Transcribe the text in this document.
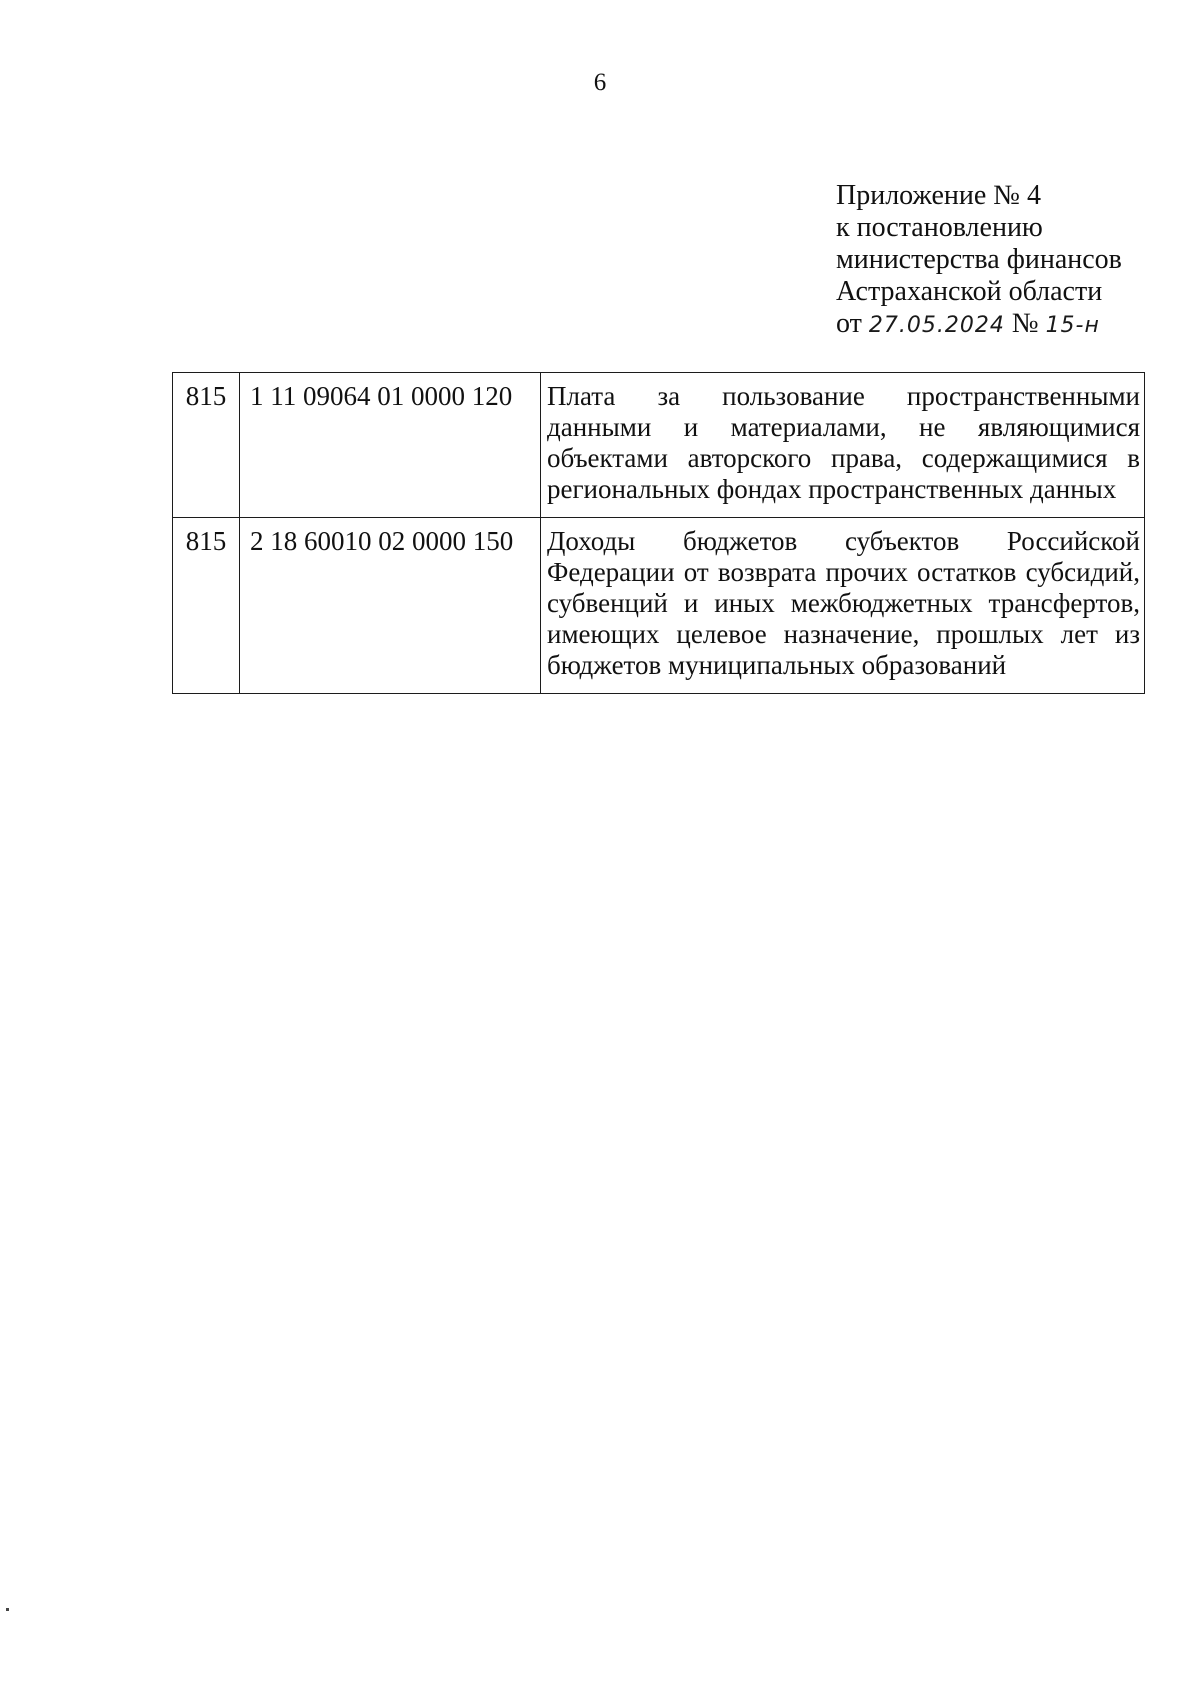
6
Приложение № 4
к постановлению
министерства финансов
Астраханской области
от 27.05.2024 № 15-н
815	1 11 09064 01 0000 120	Плата за пользование пространственными данными и материалами, не являющимися объектами авторского права, содержащимися в региональных фондах пространственных данных
815	2 18 60010 02 0000 150	Доходы бюджетов субъектов Российской Федерации от возврата прочих остатков субсидий, субвенций и иных межбюджетных трансфертов, имеющих целевое назначение, прошлых лет из бюджетов муниципальных образований
